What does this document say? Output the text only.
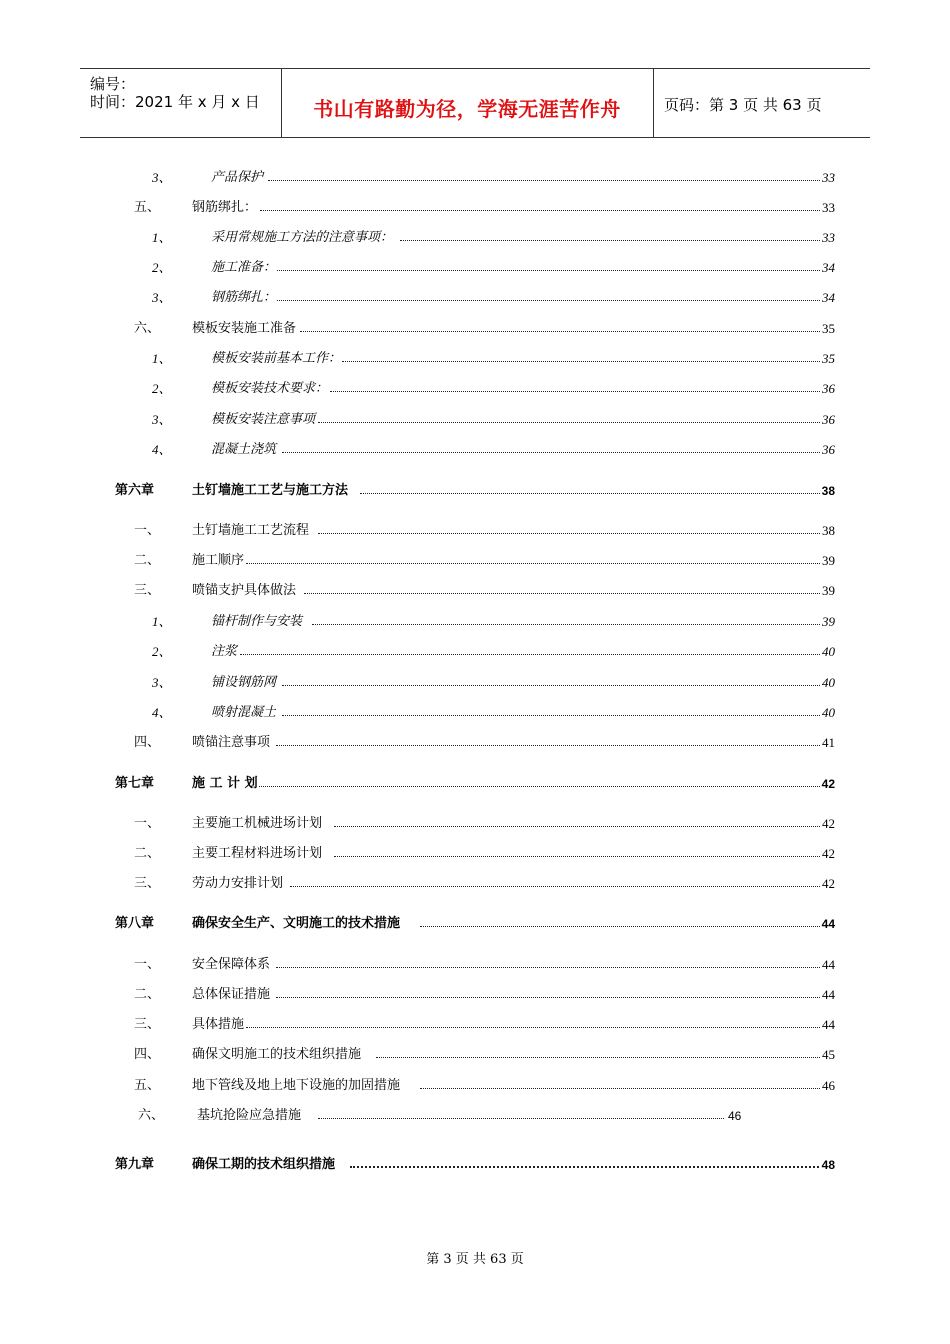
编号：
时间：2021 年 x 月 x 日	书山有路勤为径，学海无涯苦作舟	页码：第 3 页 共 63 页
3、	产品保护	33
五、 钢筋绑扎：	33
1、	采用常规施工方法的注意事项：	33
2、	施工准备：	34
3、	钢筋绑扎：	34
六、 模板安装施工准备	35
1、	模板安装前基本工作：	35
2、	模板安装技术要求：	36
3、	模板安装注意事项	36
4、	混凝土浇筑	36
第六章	土钉墙施工工艺与施工方法	38
一、 土钉墙施工工艺流程	38
二、 施工顺序	39
三、 喷锚支护具体做法	39
1、	锚杆制作与安装	39
2、	注浆	40
3、	铺设钢筋网	40
4、	喷射混凝土	40
四、 喷锚注意事项	41
第七章	施 工 计 划	42
一、 主要施工机械进场计划	42
二、 主要工程材料进场计划	42
三、 劳动力安排计划	42
第八章	确保安全生产、文明施工的技术措施	44
一、 安全保障体系	44
二、 总体保证措施	44
三、 具体措施	44
四、 确保文明施工的技术组织措施	45
五、 地下管线及地上地下设施的加固措施	46
六、	基坑抢险应急措施	46
第九章	确保工期的技术组织措施	48
第 3 页 共 63 页
